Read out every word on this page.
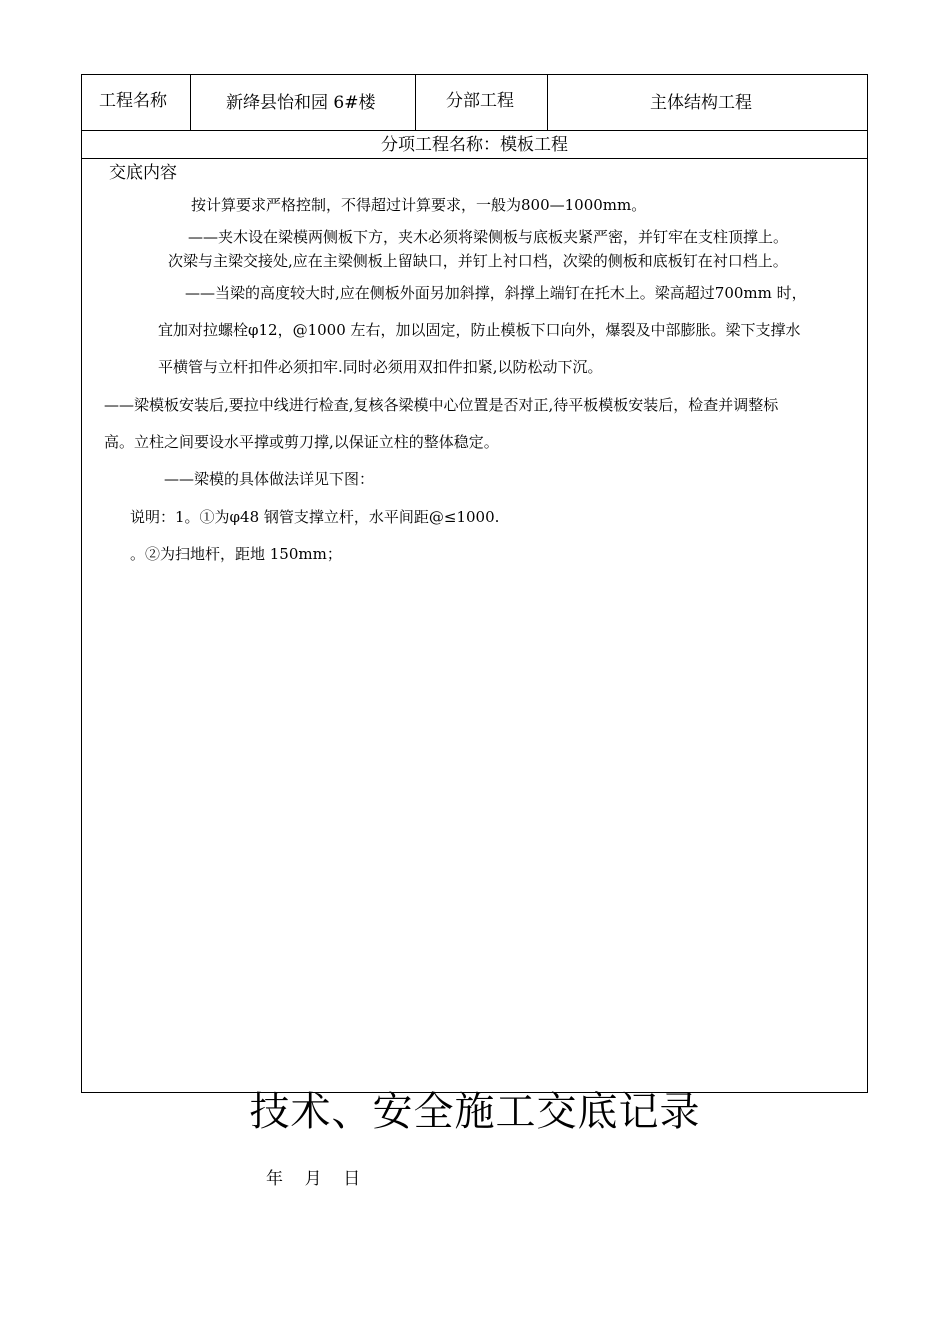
工程名称	新绛县怡和园 6#楼	分部工程	主体结构工程
分项工程名称：模板工程
交底内容
按计算要求严格控制，不得超过计算要求，一般为800—1000mm。
——夹木设在梁模两侧板下方，夹木必须将梁侧板与底板夹紧严密，并钉牢在支柱顶撑上。
次梁与主梁交接处,应在主梁侧板上留缺口，并钉上衬口档，次梁的侧板和底板钉在衬口档上。
——当梁的高度较大时,应在侧板外面另加斜撑，斜撑上端钉在托木上。梁高超过700mm 时，
宜加对拉螺栓φ12，@1000 左右，加以固定，防止模板下口向外，爆裂及中部膨胀。梁下支撑水
平横管与立杆扣件必须扣牢.同时必须用双扣件扣紧,以防松动下沉。
——梁模板安装后,要拉中线进行检查,复核各梁模中心位置是否对正,待平板模板安装后，检查并调整标
高。立柱之间要设水平撑或剪刀撑,以保证立柱的整体稳定。
——梁模的具体做法详见下图：
说明：1。①为φ48 钢管支撑立杆，水平间距@≤1000.
。②为扫地杆，距地 150mm；
技术、安全施工交底记录
年    月    日
